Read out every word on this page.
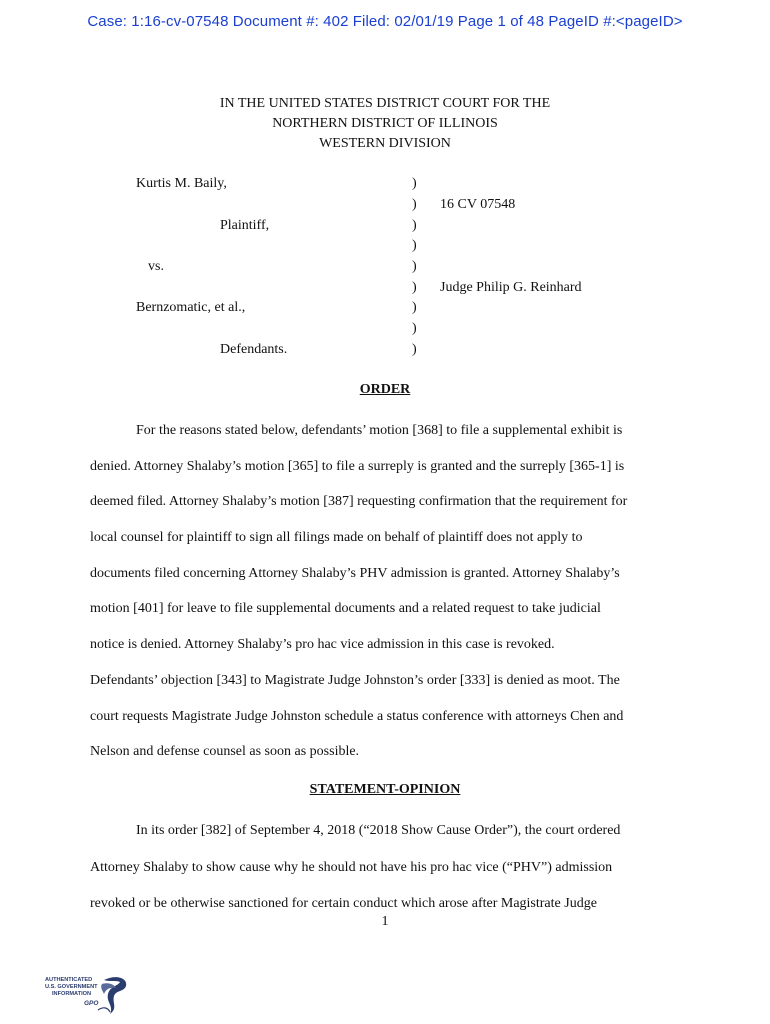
Case: 1:16-cv-07548 Document #: 402 Filed: 02/01/19 Page 1 of 48 PageID #:<pageID>
IN THE UNITED STATES DISTRICT COURT FOR THE
NORTHERN DISTRICT OF ILLINOIS
WESTERN DIVISION
Kurtis M. Baily,
Plaintiff,
vs.
Bernzomatic, et al.,
Defendants.
)
)
)
)
)
)
)
)
)
16 CV 07548
Judge Philip G. Reinhard
ORDER
For the reasons stated below, defendants’ motion [368] to file a supplemental exhibit is
denied. Attorney Shalaby’s motion [365] to file a surreply is granted and the surreply [365-1] is
deemed filed. Attorney Shalaby’s motion [387] requesting confirmation that the requirement for
local counsel for plaintiff to sign all filings made on behalf of plaintiff does not apply to
documents filed concerning Attorney Shalaby’s PHV admission is granted. Attorney Shalaby’s
motion [401] for leave to file supplemental documents and a related request to take judicial
notice is denied. Attorney Shalaby’s pro hac vice admission in this case is revoked.
Defendants’ objection [343] to Magistrate Judge Johnston’s order [333] is denied as moot. The
court requests Magistrate Judge Johnston schedule a status conference with attorneys Chen and
Nelson and defense counsel as soon as possible.
STATEMENT-OPINION
In its order [382] of September 4, 2018 (“2018 Show Cause Order”), the court ordered
Attorney Shalaby to show cause why he should not have his pro hac vice (“PHV”) admission
revoked or be otherwise sanctioned for certain conduct which arose after Magistrate Judge
1
AUTHENTICATED
U.S. GOVERNMENT
INFORMATION
GPO
